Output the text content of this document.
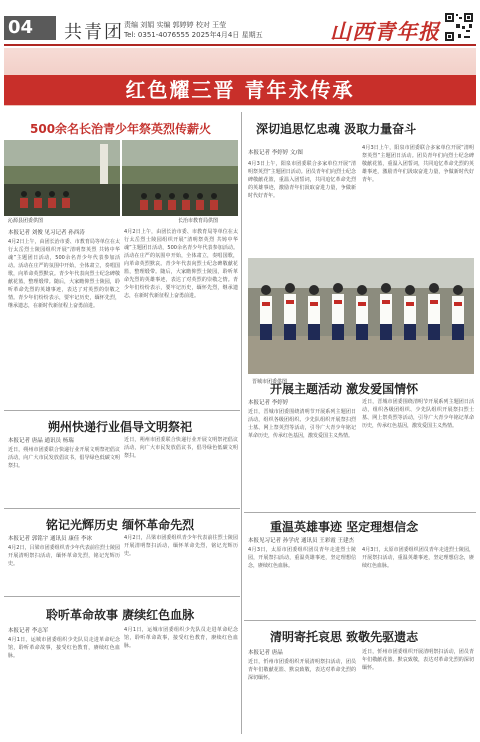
04	共青团 责编 刘娟 实编 郭婷婷 校对 王莹
Tel: 0351-4076555 2025年4月4日 星期五	山西青年报
红色耀三晋 青年永传承
500余名长治青少年祭英烈传薪火
沁源县团委供图	长治市教育局供图
本报记者 刘俊 见习记者 孙西涛
4月2日上午，由团长治市委、市教育局等单位在太行太岳烈士陵园组织开展“清明祭英烈 共铸中华魂”主题团日活动，500余名青少年代表参加活动。活动在庄严的氛围中开始，全体肃立，奏唱国歌，向革命英烈默哀。青少年代表向烈士纪念碑敬献花篮，整理缎带。随后，大家瞻仰烈士陵园，聆听革命先烈的英雄事迹，表达了对英烈的崇敬之情。青少年们纷纷表示，要牢记历史，缅怀先烈，继承遗志，在新时代新征程上奋勇前进。
4月2日上午，由团长治市委、市教育局等单位在太行太岳烈士陵园组织开展“清明祭英烈 共铸中华魂”主题团日活动，500余名青少年代表参加活动。活动在庄严的氛围中开始，全体肃立，奏唱国歌，向革命英烈默哀。青少年代表向烈士纪念碑敬献花篮，整理缎带。随后，大家瞻仰烈士陵园，聆听革命先烈的英雄事迹，表达了对英烈的崇敬之情。青少年们纷纷表示，要牢记历史，缅怀先烈，继承遗志，在新时代新征程上奋勇前进。
深切追思忆忠魂 汲取力量奋斗
本报记者 李婷婷 文/图
4月3日上午，阳泉市团委联合多家单位开展“清明祭英烈”主题团日活动。团员青年们向烈士纪念碑敬献花篮，重温入团誓词，共同追忆革命先烈的英雄事迹，激励青年们汲取奋进力量，争做新时代好青年。
4月3日上午，阳泉市团委联合多家单位开展“清明祭英烈”主题团日活动。团员青年们向烈士纪念碑敬献花篮，重温入团誓词，共同追忆革命先烈的英雄事迹，激励青年们汲取奋进力量，争做新时代好青年。
晋城市团委供图
朔州快递行业倡导文明祭祀
本报记者 唐晶 通讯员 杨瑞
近日，朔州市团委联合快递行业开展文明祭祀倡议活动，向广大市民发放倡议书，倡导绿色低碳文明祭扫。
近日，朔州市团委联合快递行业开展文明祭祀倡议活动，向广大市民发放倡议书，倡导绿色低碳文明祭扫。
铭记光辉历史 缅怀革命先烈
本报记者 郭铭宇 通讯员 康佳 李冰
4月2日，吕梁市团委组织青少年代表前往烈士陵园开展清明祭扫活动，缅怀革命先烈，铭记光辉历史。
4月2日，吕梁市团委组织青少年代表前往烈士陵园开展清明祭扫活动，缅怀革命先烈，铭记光辉历史。
聆听革命故事 赓续红色血脉
本报记者 李志军
4月1日，运城市团委组织少先队员走进革命纪念馆，聆听革命故事，接受红色教育，赓续红色血脉。
4月1日，运城市团委组织少先队员走进革命纪念馆，聆听革命故事，接受红色教育，赓续红色血脉。
开展主题活动 激发爱国情怀
本报记者 李婷婷
近日，晋城市团委围绕清明节开展系列主题团日活动，组织各级团组织、少先队组织开展祭扫烈士墓、网上祭英烈等活动，引导广大青少年铭记革命历史，传承红色基因，激发爱国主义热情。
近日，晋城市团委围绕清明节开展系列主题团日活动，组织各级团组织、少先队组织开展祭扫烈士墓、网上祭英烈等活动，引导广大青少年铭记革命历史，传承红色基因，激发爱国主义热情。
重温英雄事迹 坚定理想信念
本报见习记者 孙学虎 通讯员 王彩霞 王建杰
4月3日，太原市团委组织团员青年走进烈士陵园，开展祭扫活动，重温英雄事迹，坚定理想信念，赓续红色血脉。
4月3日，太原市团委组织团员青年走进烈士陵园，开展祭扫活动，重温英雄事迹，坚定理想信念，赓续红色血脉。
清明寄托哀思 致敬先驱遗志
本报记者 唐晶
近日，忻州市团委组织开展清明祭扫活动，团员青年们敬献花篮、默哀致敬，表达对革命先烈的深切缅怀。
近日，忻州市团委组织开展清明祭扫活动，团员青年们敬献花篮、默哀致敬，表达对革命先烈的深切缅怀。
